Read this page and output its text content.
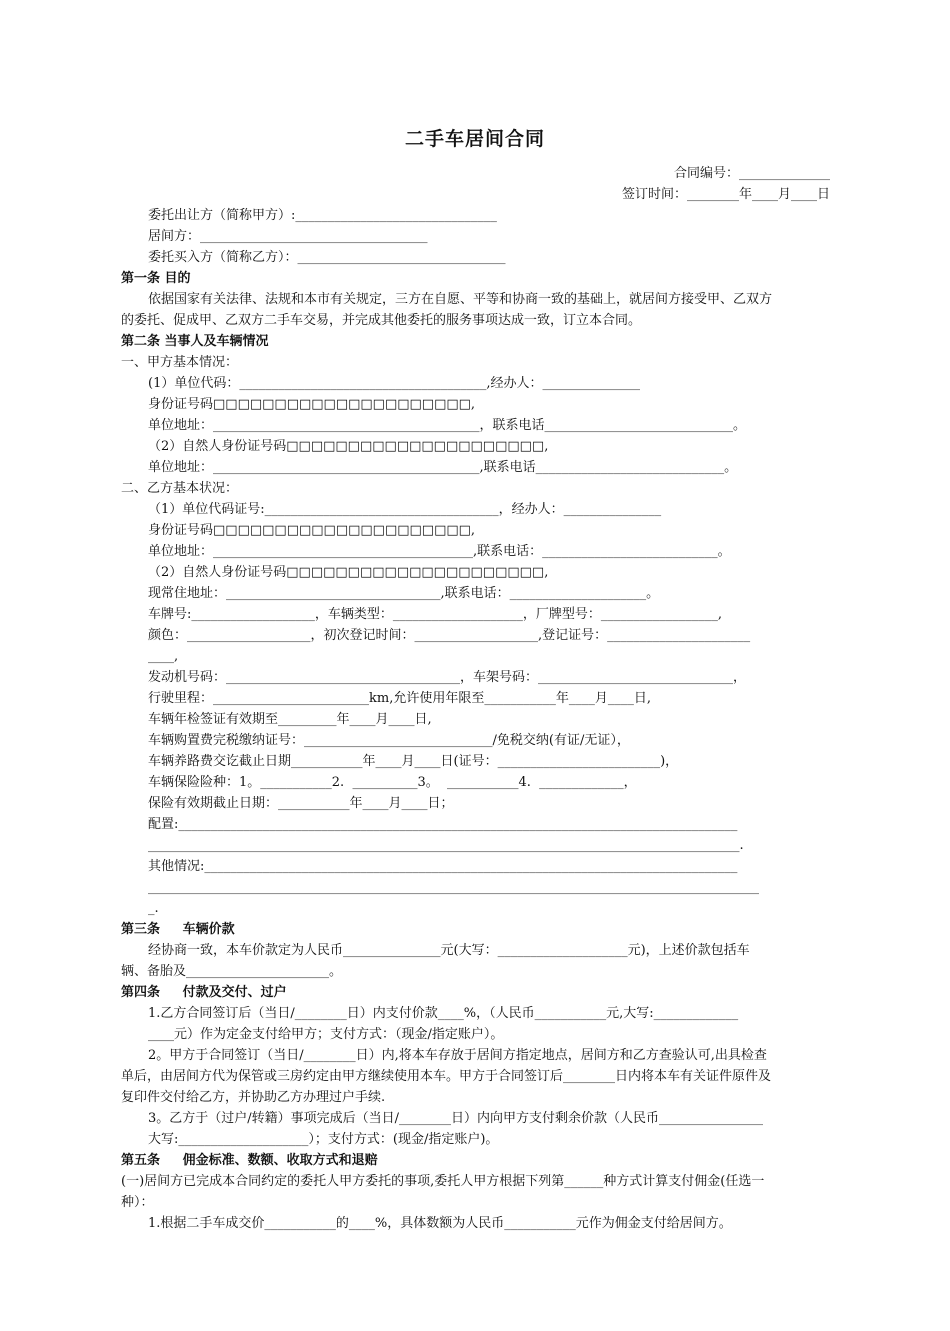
二手车居间合同
合同编号：______________
签订时间：________年____月____日
委托出让方（简称甲方）:_______________________________
居间方：___________________________________
委托买入方（简称乙方）：________________________________
第一条 目的
依据国家有关法律、法规和本市有关规定，三方在自愿、平等和协商一致的基础上，就居间方接受甲、乙双方
的委托、促成甲、乙双方二手车交易，并完成其他委托的服务事项达成一致，订立本合同。
第二条 当事人及车辆情况
一、甲方基本情况：
(1）单位代码：______________________________________,经办人：_______________
身份证号码□□□□□□□□□□□□□□□□□□□□□,
单位地址：_________________________________________，联系电话_____________________________。
（2）自然人身份证号码□□□□□□□□□□□□□□□□□□□□□,
单位地址：_________________________________________,联系电话_____________________________。
二、乙方基本状况：
（1）单位代码证号:____________________________________，经办人：_______________
身份证号码□□□□□□□□□□□□□□□□□□□□□,
单位地址：________________________________________,联系电话：___________________________。
（2）自然人身份证号码□□□□□□□□□□□□□□□□□□□□□,
现常住地址：_________________________________,联系电话：_____________________。
车牌号:___________________，车辆类型：____________________，厂牌型号：__________________,
颜色：___________________，初次登记时间：___________________,登记证号：______________________
____,
发动机号码：____________________________________，车架号码：______________________________，
行驶里程：________________________km,允许使用年限至___________年____月____日,
车辆年检签证有效期至_________年____月____日,
车辆购置费完税缴纳证号：_____________________________/免税交纳(有证/无证），
车辆养路费交讫截止日期___________年____月____日(证号：_________________________)，
车辆保险险种：1。___________2.  __________3。  ___________4.  _____________，
保险有效期截止日期：___________年____月____日；
配置:______________________________________________________________________________________
___________________________________________________________________________________________.
其他情况:__________________________________________________________________________________
______________________________________________________________________________________________
_.
第三条     车辆价款
经协商一致，本车价款定为人民币_______________元(大写：____________________元)，上述价款包括车
辆、备胎及______________________。
第四条     付款及交付、过户
1.乙方合同签订后（当日/________日）内支付价款____%，（人民币___________元,大写:_____________
____元）作为定金支付给甲方；支付方式：（现金/指定账户）。
2。甲方于合同签订（当日/________日）内,将本车存放于居间方指定地点，居间方和乙方查验认可,出具检查
单后，由居间方代为保管或三房约定由甲方继续使用本车。甲方于合同签订后________日内将本车有关证件原件及
复印件交付给乙方，并协助乙方办理过户手续.
3。乙方于（过户/转籍）事项完成后（当日/________日）内向甲方支付剩余价款（人民币________________
大写:____________________）；支付方式：(现金/指定账户)。
第五条     佣金标准、数额、收取方式和退赔
(一)居间方已完成本合同约定的委托人甲方委托的事项,委托人甲方根据下列第______种方式计算支付佣金(任选一
种）：
1.根据二手车成交价___________的____%，具体数额为人民币___________元作为佣金支付给居间方。
